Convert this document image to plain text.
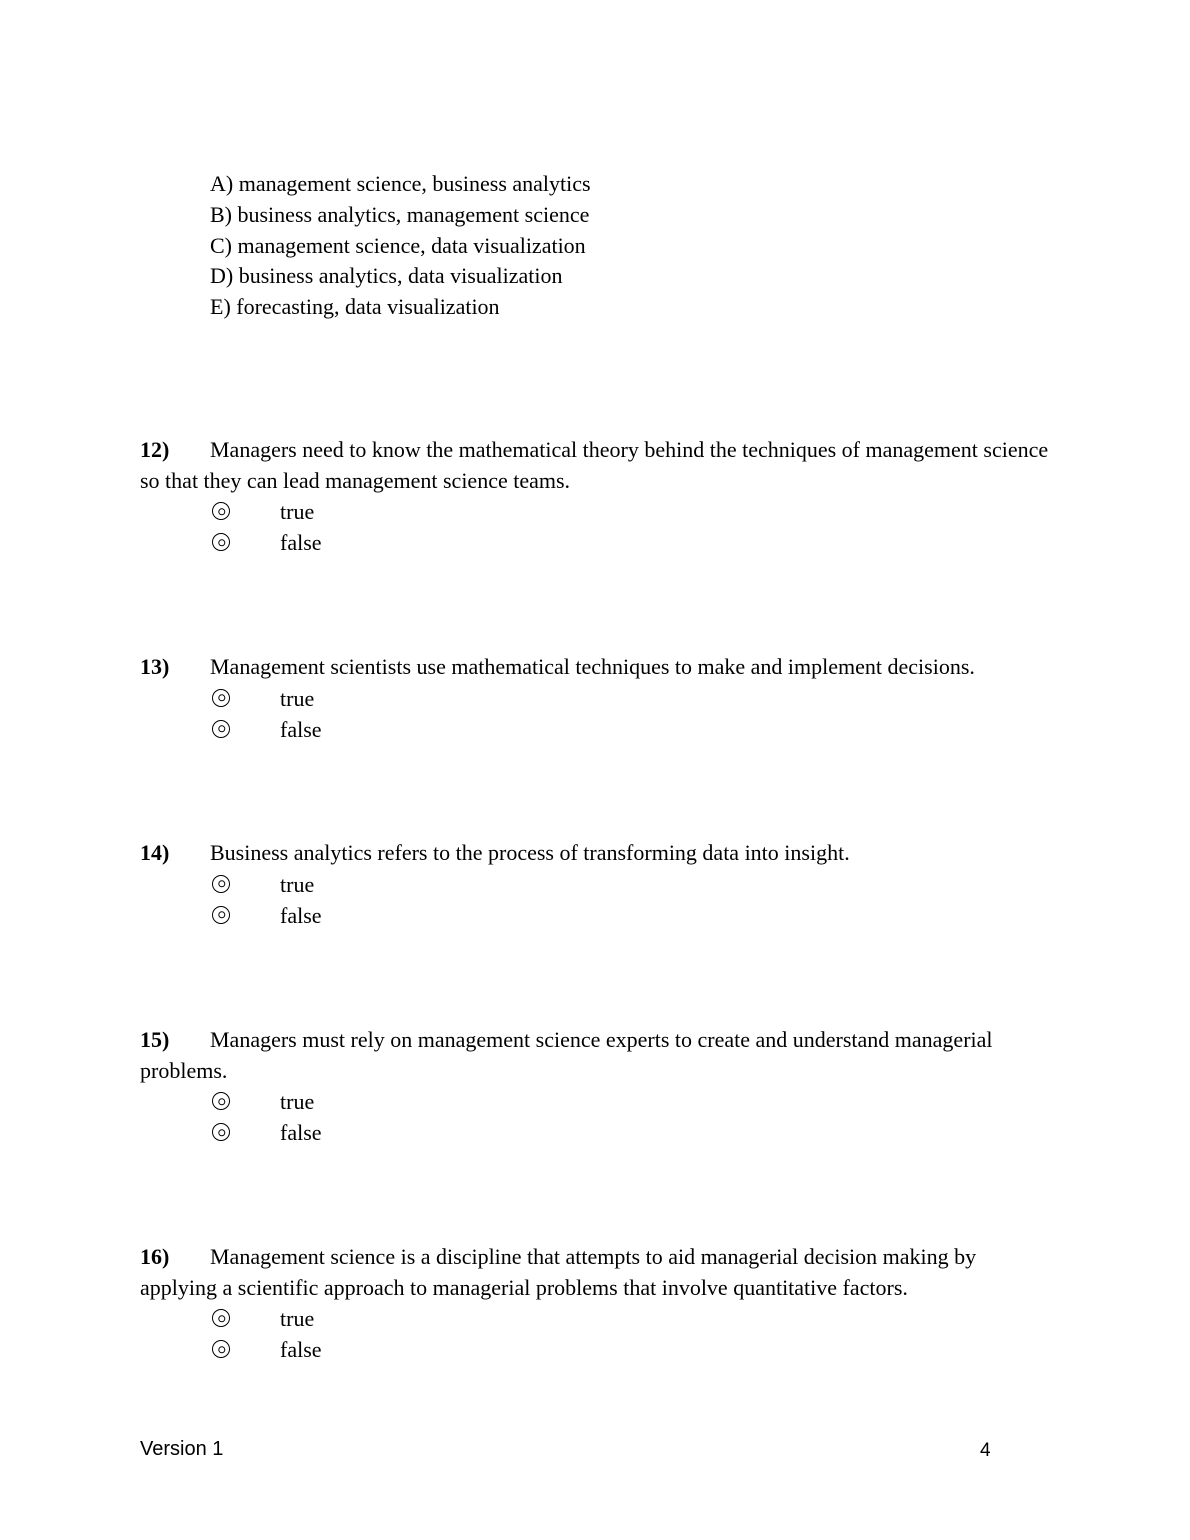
A) management science, business analytics
B) business analytics, management science
C) management science, data visualization
D) business analytics, data visualization
E) forecasting, data visualization
12) Managers need to know the mathematical theory behind the techniques of management science so that they can lead management science teams.
true
false
13) Management scientists use mathematical techniques to make and implement decisions.
true
false
14) Business analytics refers to the process of transforming data into insight.
true
false
15) Managers must rely on management science experts to create and understand managerial problems.
true
false
16) Management science is a discipline that attempts to aid managerial decision making by applying a scientific approach to managerial problems that involve quantitative factors.
true
false
Version 1	4
